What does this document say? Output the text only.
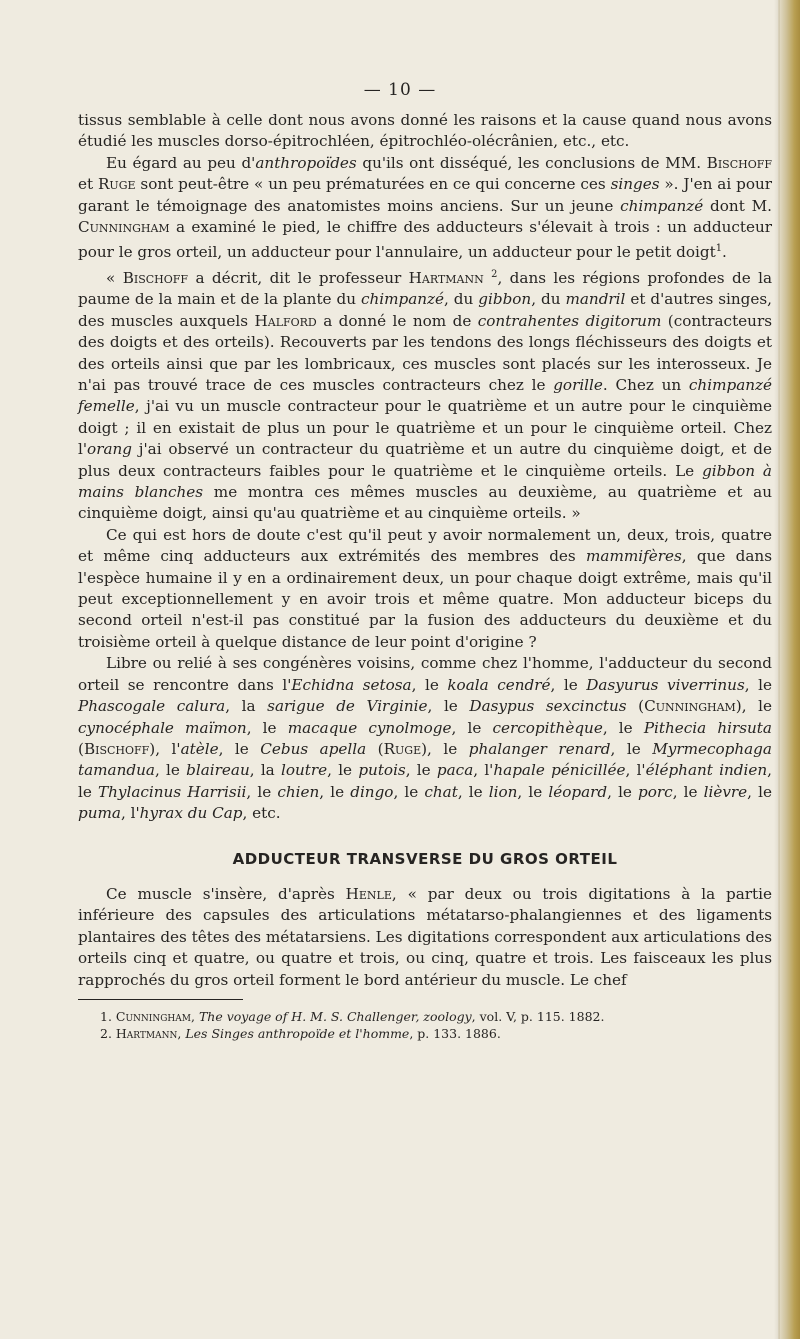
— 10 —

tissus semblable à celle dont nous avons donné les raisons et la cause quand nous avons étudié les muscles dorso-épitrochléen, épitrochléo-olécrânien, etc., etc.

Eu égard au peu d'anthropoïdes qu'ils ont disséqué, les conclusions de MM. Bischoff et Ruge sont peut-être « un peu prématurées en ce qui concerne ces singes ». J'en ai pour garant le témoignage des anatomistes moins anciens. Sur un jeune chimpanzé dont M. Cunningham a examiné le pied, le chiffre des adducteurs s'élevait à trois : un adducteur pour le gros orteil, un adducteur pour l'annulaire, un adducteur pour le petit doigt$^1$.

« Bischoff a décrit, dit le professeur Hartmann $^2$, dans les régions profondes de la paume de la main et de la plante du chimpanzé, du gibbon, du mandril et d'autres singes, des muscles auxquels Halford a donné le nom de contrahentes digitorum (contracteurs des doigts et des orteils). Recouverts par les tendons des longs fléchisseurs des doigts et des orteils ainsi que par les lombricaux, ces muscles sont placés sur les interosseux. Je n'ai pas trouvé trace de ces muscles contracteurs chez le gorille. Chez un chimpanzé femelle, j'ai vu un muscle contracteur pour le quatrième et un autre pour le cinquième doigt ; il en existait de plus un pour le quatrième et un pour le cinquième orteil. Chez l'orang j'ai observé un contracteur du quatrième et un autre du cinquième doigt, et de plus deux contracteurs faibles pour le quatrième et le cinquième orteils. Le gibbon à mains blanches me montra ces mêmes muscles au deuxième, au quatrième et au cinquième doigt, ainsi qu'au quatrième et au cinquième orteils. »

Ce qui est hors de doute c'est qu'il peut y avoir normalement un, deux, trois, quatre et même cinq adducteurs aux extrémités des membres des mammifères, que dans l'espèce humaine il y en a ordinairement deux, un pour chaque doigt extrême, mais qu'il peut exceptionnellement y en avoir trois et même quatre. Mon adducteur biceps du second orteil n'est-il pas constitué par la fusion des adducteurs du deuxième et du troisième orteil à quelque distance de leur point d'origine ?

Libre ou relié à ses congénères voisins, comme chez l'homme, l'adducteur du second orteil se rencontre dans l'Echidna setosa, le koala cendré, le Dasyurus viverrinus, le Phascogale calura, la sarigue de Virginie, le Dasypus sexcinctus (Cunningham), le cynocéphale maïmon, le macaque cynolmoge, le cercopithèque, le Pithecia hirsuta (Bischoff), l'atèle, le Cebus apella (Ruge), le phalanger renard, le Myrmecophaga tamandua, le blaireau, la loutre, le putois, le paca, l'hapale pénicillée, l'éléphant indien, le Thylacinus Harrisii, le chien, le dingo, le chat, le lion, le léopard, le porc, le lièvre, le puma, l'hyrax du Cap, etc.

ADDUCTEUR TRANSVERSE DU GROS ORTEIL

Ce muscle s'insère, d'après Henle, « par deux ou trois digitations à la partie inférieure des capsules des articulations métatarso-phalangiennes et des ligaments plantaires des têtes des métatarsiens. Les digitations correspondent aux articulations des orteils cinq et quatre, ou quatre et trois, ou cinq, quatre et trois. Les faisceaux les plus rapprochés du gros orteil forment le bord antérieur du muscle. Le chef

1. Cunningham, The voyage of H. M. S. Challenger, zoology, vol. V, p. 115. 1882.
2. Hartmann, Les Singes anthropoïde et l'homme, p. 133. 1886.
